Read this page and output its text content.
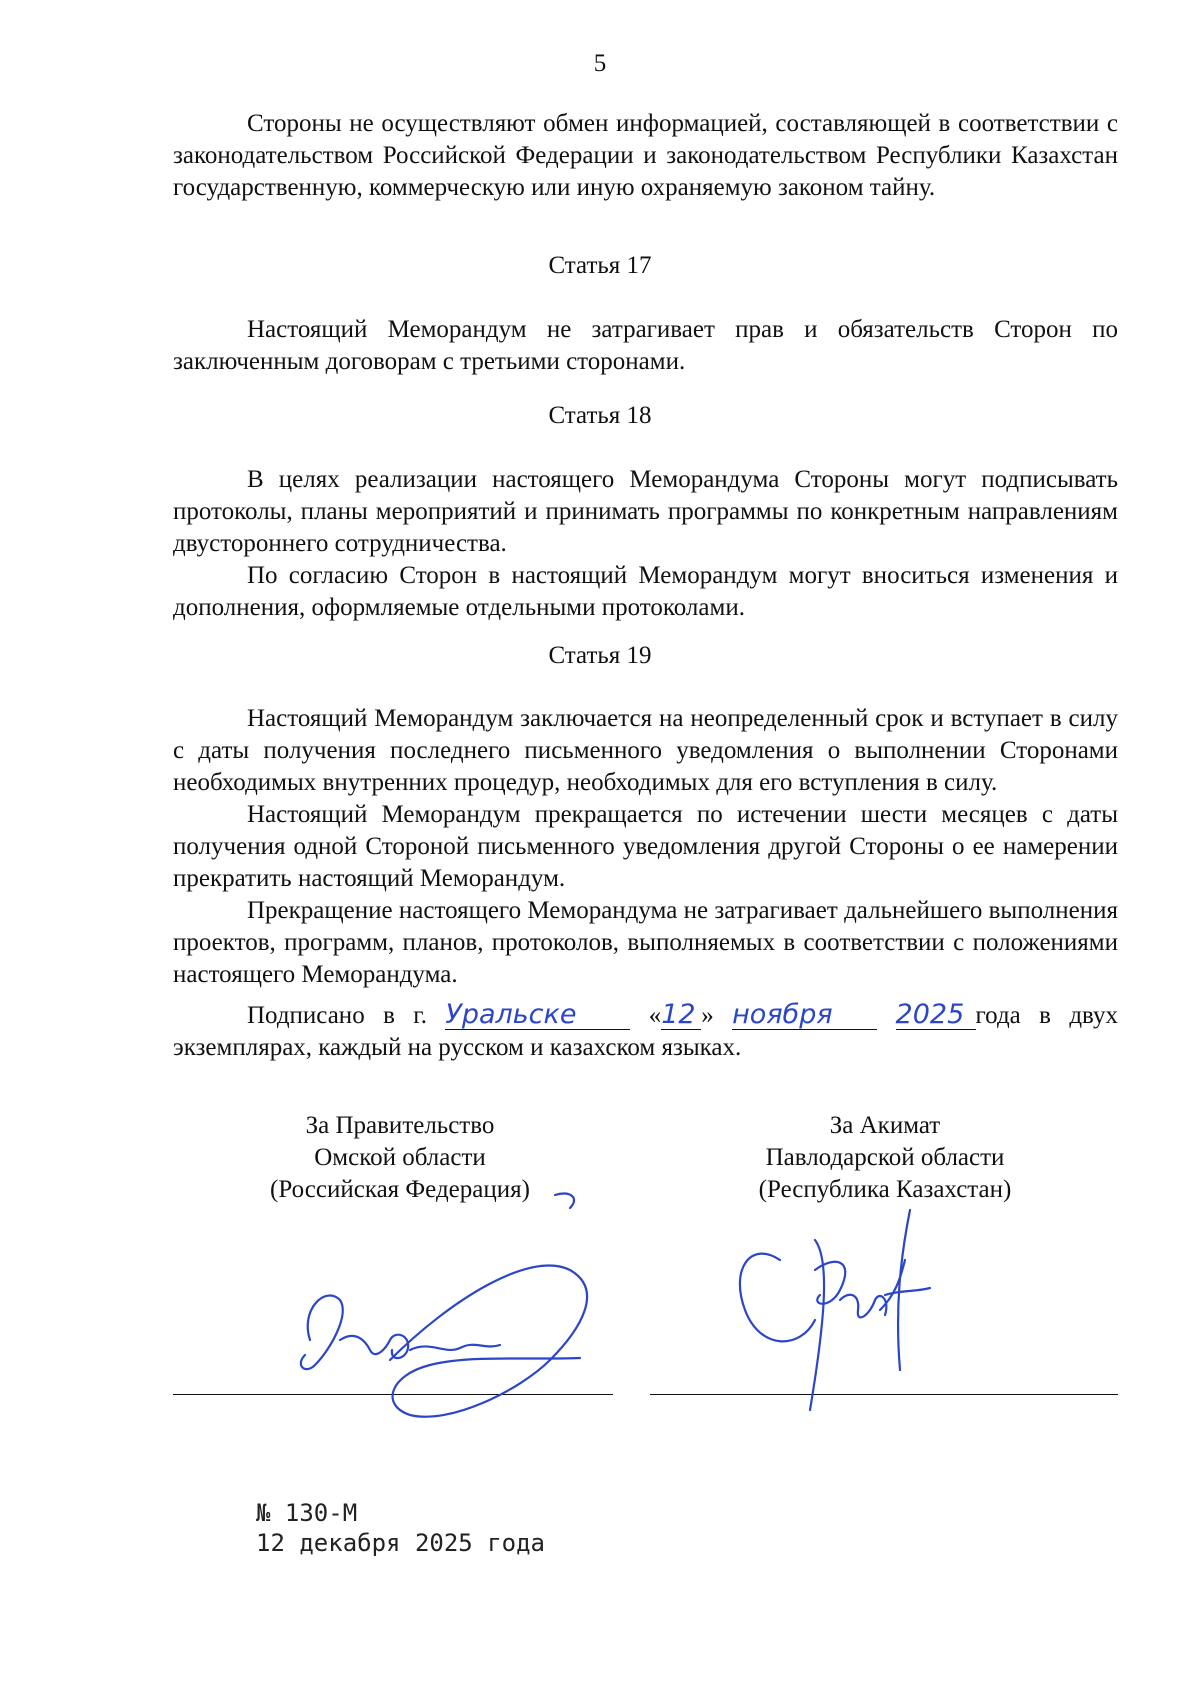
5

Стороны не осуществляют обмен информацией, составляющей в соответствии с законодательством Российской Федерации и законодательством Республики Казахстан государственную, коммерческую или иную охраняемую законом тайну.

Статья 17

Настоящий Меморандум не затрагивает прав и обязательств Сторон по заключенным договорам с третьими сторонами.

Статья 18

В целях реализации настоящего Меморандума Стороны могут подписывать протоколы, планы мероприятий и принимать программы по конкретным направлениям двустороннего сотрудничества.

По согласию Сторон в настоящий Меморандум могут вноситься изменения и дополнения, оформляемые отдельными протоколами.

Статья 19

Настоящий Меморандум заключается на неопределенный срок и вступает в силу с даты получения последнего письменного уведомления о выполнении Сторонами необходимых внутренних процедур, необходимых для его вступления в силу.

Настоящий Меморандум прекращается по истечении шести месяцев с даты получения одной Стороной письменного уведомления другой Стороны о ее намерении прекратить настоящий Меморандум.

Прекращение настоящего Меморандума не затрагивает дальнейшего выполнения проектов, программ, планов, протоколов, выполняемых в соответствии с положениями настоящего Меморандума.

Подписано в г. Уральске	«12 » ноября 2025 года в двух
экземплярах, каждый на русском и казахском языках.
За Правительство
Омской области
(Российская Федерация)
За Акимат
Павлодарской области
(Республика Казахстан)
№ 130-М
12 декабря 2025 года
